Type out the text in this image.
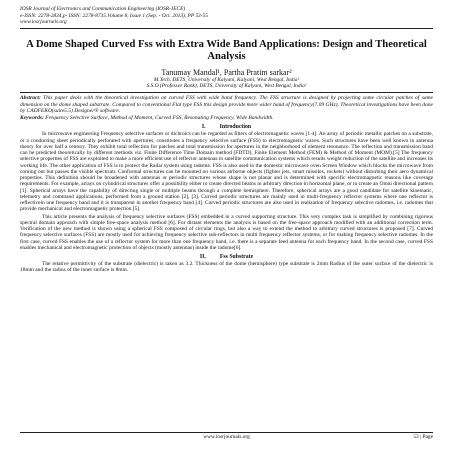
IOSR Journal of Electronics and Communication Engineering (IOSR-JECE)
e-ISSN: 2278-2834,p- ISSN: 2278-8735.Volume 8, Issue 1 (Sep. - Oct. 2013), PP 53-55
www.iosrjournals.org
A Dome Shaped Curved Fss with Extra Wide Band Applications: Design and Theoretical Analysis
Tanumay Mandal¹, Partha Pratim sarkar²
M.Tech, DETS, University of Kalyani, Kalyani, West Bengal, India¹
S.S.O (Professor Rank), DETS, University of Kalyani, West Bengal, India²
Abstract: This paper deals with the theoretical investigation on curved FSS with wide band frequency. The FSS structure is designed by projecting some circular patches of same dimension on the dome shaped substrate. Compared to conventional Flat type FSS this design provide more wider band of frequency(7.09 GHz). Theoretical investigations have been done by CADFEKO(suite5.5) Designer® software.
Keywords: Frequency Selective Surface, Method of Moment, Curved FSS, Resonating Frequency, Wide Bandwidth.
I. Introduction

In microwave engineering Frequency selective surfaces or dichroics can be regarded as filters of electromagnetic waves [1-4]. An array of periodic metallic patches on a substrate, or a conducting sheet periodically perforated with apertures, constitutes a frequency selective surface (FSS) to electromagnetic waves. Such structures have been well known in antenna theory for over half a century. They exhibit total reflection for patches and total transmission for apertures in the neighborhood of element resonance. The reflection and transmission band can be predicted theoretically by different methods viz. Finite Difference Time Domain method (FDTD), Finite Element Method (FEM) & Method of Moment (MOM).[5] The frequency selective properties of FSS are exploited to make a more efficient use of reflector antennas in satellite communication systems which results weight reduction of the satellite and increases its working life. The other application of FSS is to protect the Radar system using radome. FSS is also used in the domestic microwave oven Screen Window which blocks the microwave from coming out but passes the visible spectrum. Conformal structures can be mounted on various airborne objects (fighter jets, smart missiles, rockets) without disturbing their aero dynamical properties. This definition should be broadened with antennas or periodic structures whose shape is not planar and is determined with specific electromagnetic reasons like coverage requirements. For example, arrays on cylindrical structures offer a possibility either to create directed beams in arbitrary direction in horizontal plane, or to create an Omni directional pattern [1]. Spherical arrays have the capability of directing single or multiple beams through a complete hemisphere. Therefore, spherical arrays are a good candidate for satellite kinematic, telemetry and command applications, performed from a ground station [2], [3]. Curved periodic structures are mainly used in multi-frequency reflector systems where one reflector is reflectivein one frequency band and it is transparent in another frequency band [4]. Curved periodic structures are also used in realization of frequency selective radomes, i.e. radomes that provide mechanical and electromagnetic protection [5].

This article presents the analysis of frequency selective surfaces (FSS) embedded in a curved supporting structure. This very complex task is simplified by combining rigorous spectral domain approach with simple free-space analysis method [6]. For distant elements the analysis is based on the free-space approach modified with an additional correction term. Verification of the new method is shown using a spherical FSS composed of circular rings, but also a way to extend the method to arbitrary curved structures is proposed [7]. Curved frequency selective surfaces (FSS) are mostly used for achieving frequency selective sub-reflectors in multi frequency reflector systems, or for making frequency selective radomes. In the first case, curved FSS enables the use of a reflector system for more than one frequency band, i.e. there is a separate feed antenna for each frequency band. In the second case, curved FSS enables mechanical and electromagnetic protection of objects (mostly antennas) inside the radome[6].

II. Fss Substrate

The relative permittivity of the substrate (dielectric) is taken as 3.2. Thickness of the dome (hemisphere) type substrate is 2mm Radius of the outer surface of the dielectric is 18mm and the radius of the inner surface is 8mm.

www.iosrjournals.org	53 | Page
